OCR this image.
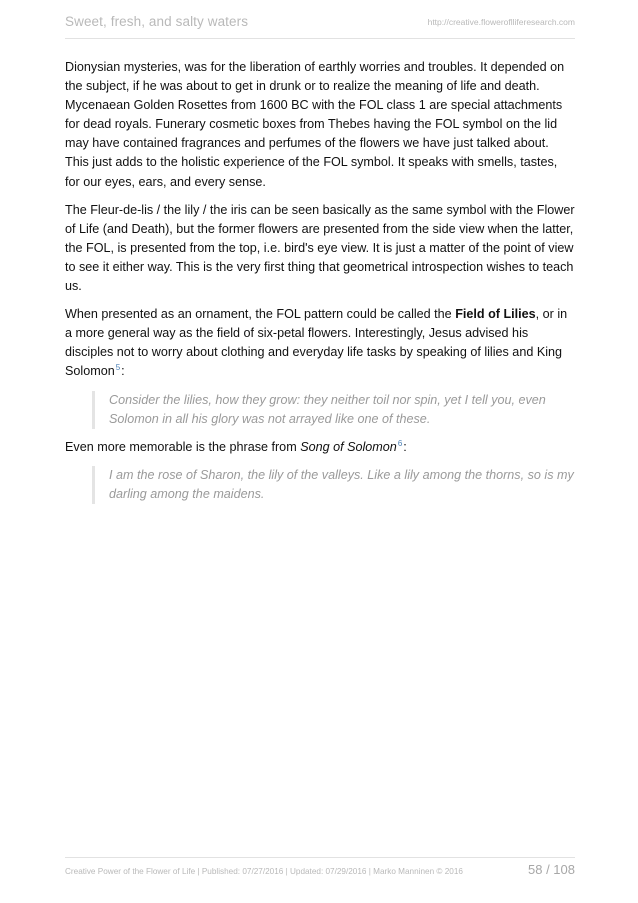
Sweet, fresh, and salty waters	http://creative.floweroflliferesearch.com

Dionysian mysteries, was for the liberation of earthly worries and troubles. It depended on the subject, if he was about to get in drunk or to realize the meaning of life and death. Mycenaean Golden Rosettes from 1600 BC with the FOL class 1 are special attachments for dead royals. Funerary cosmetic boxes from Thebes having the FOL symbol on the lid may have contained fragrances and perfumes of the flowers we have just talked about. This just adds to the holistic experience of the FOL symbol. It speaks with smells, tastes, for our eyes, ears, and every sense.

The Fleur-de-lis / the lily / the iris can be seen basically as the same symbol with the Flower of Life (and Death), but the former flowers are presented from the side view when the latter, the FOL, is presented from the top, i.e. bird's eye view. It is just a matter of the point of view to see it either way. This is the very first thing that geometrical introspection wishes to teach us.

When presented as an ornament, the FOL pattern could be called the Field of Lilies, or in a more general way as the field of six-petal flowers. Interestingly, Jesus advised his disciples not to worry about clothing and everyday life tasks by speaking of lilies and King Solomon$^5$:

Consider the lilies, how they grow: they neither toil nor spin, yet I tell you, even Solomon in all his glory was not arrayed like one of these.

Even more memorable is the phrase from Song of Solomon$^6$:

I am the rose of Sharon, the lily of the valleys. Like a lily among the thorns, so is my darling among the maidens.
Creative Power of the Flower of Life | Published: 07/27/2016 | Updated: 07/29/2016 | Marko Manninen © 2016	58 / 108
